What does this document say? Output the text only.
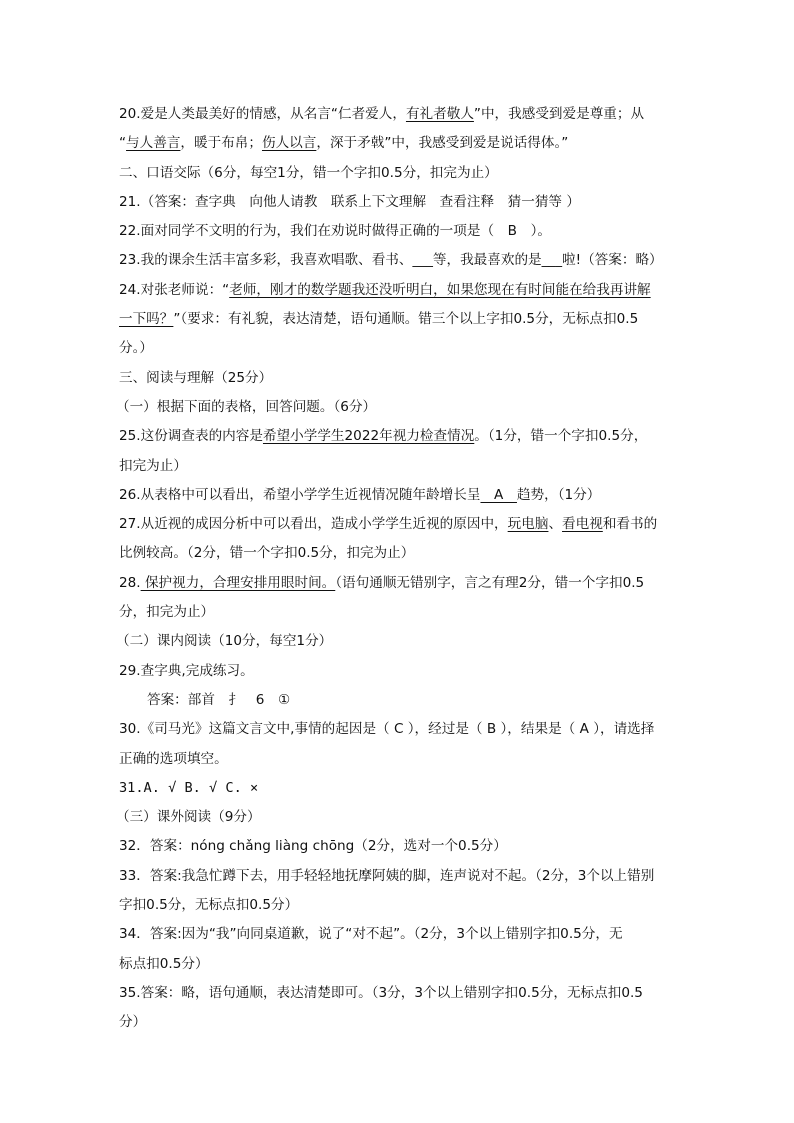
20.爱是人类最美好的情感，从名言“仁者爱人，有礼者敬人”中，我感受到爱是尊重；从
“与人善言，暖于布帛；伤人以言，深于矛戟”中，我感受到爱是说话得体。”
二、口语交际（6分，每空1分，错一个字扣0.5分，扣完为止）
21.（答案：查字典　向他人请教　联系上下文理解　查看注释　猜一猜等 ）
22.面对同学不文明的行为，我们在劝说时做得正确的一项是（　B　）。
23.我的课余生活丰富多彩，我喜欢唱歌、看书、___等，我最喜欢的是___啦!（答案：略）
24.对张老师说：“老师，刚才的数学题我还没听明白，如果您现在有时间能在给我再讲解
一下吗？”（要求：有礼貌，表达清楚，语句通顺。错三个以上字扣0.5分，无标点扣0.5
分。）
三、阅读与理解（25分）
（一）根据下面的表格，回答问题。（6分）
25.这份调查表的内容是希望小学学生2022年视力检查情况。（1分，错一个字扣0.5分，
扣完为止）
26.从表格中可以看出，希望小学学生近视情况随年龄增长呈　A　趋势，（1分）
27.从近视的成因分析中可以看出，造成小学学生近视的原因中，玩电脑、看电视和看书的
比例较高。（2分，错一个字扣0.5分，扣完为止）
28. 保护视力，合理安排用眼时间。（语句通顺无错别字，言之有理2分，错一个字扣0.5
分，扣完为止）
（二）课内阅读（10分，每空1分）
29.查字典,完成练习。
答案：部首　扌　6　①
30.《司马光》这篇文言文中,事情的起因是（ C ），经过是（ B ），结果是（ A ），请选择
正确的选项填空。
31.A. √ B. √ C. ×
（三）课外阅读（9分）
32．答案：nóng chǎng liàng chōng（2分，选对一个0.5分）
33．答案:我急忙蹲下去，用手轻轻地抚摩阿姨的脚，连声说对不起。（2分，3个以上错别
字扣0.5分，无标点扣0.5分）
34．答案:因为“我”向同桌道歉，说了“对不起”。（2分，3个以上错别字扣0.5分，无
标点扣0.5分）
35.答案：略，语句通顺，表达清楚即可。（3分，3个以上错别字扣0.5分，无标点扣0.5
分）
